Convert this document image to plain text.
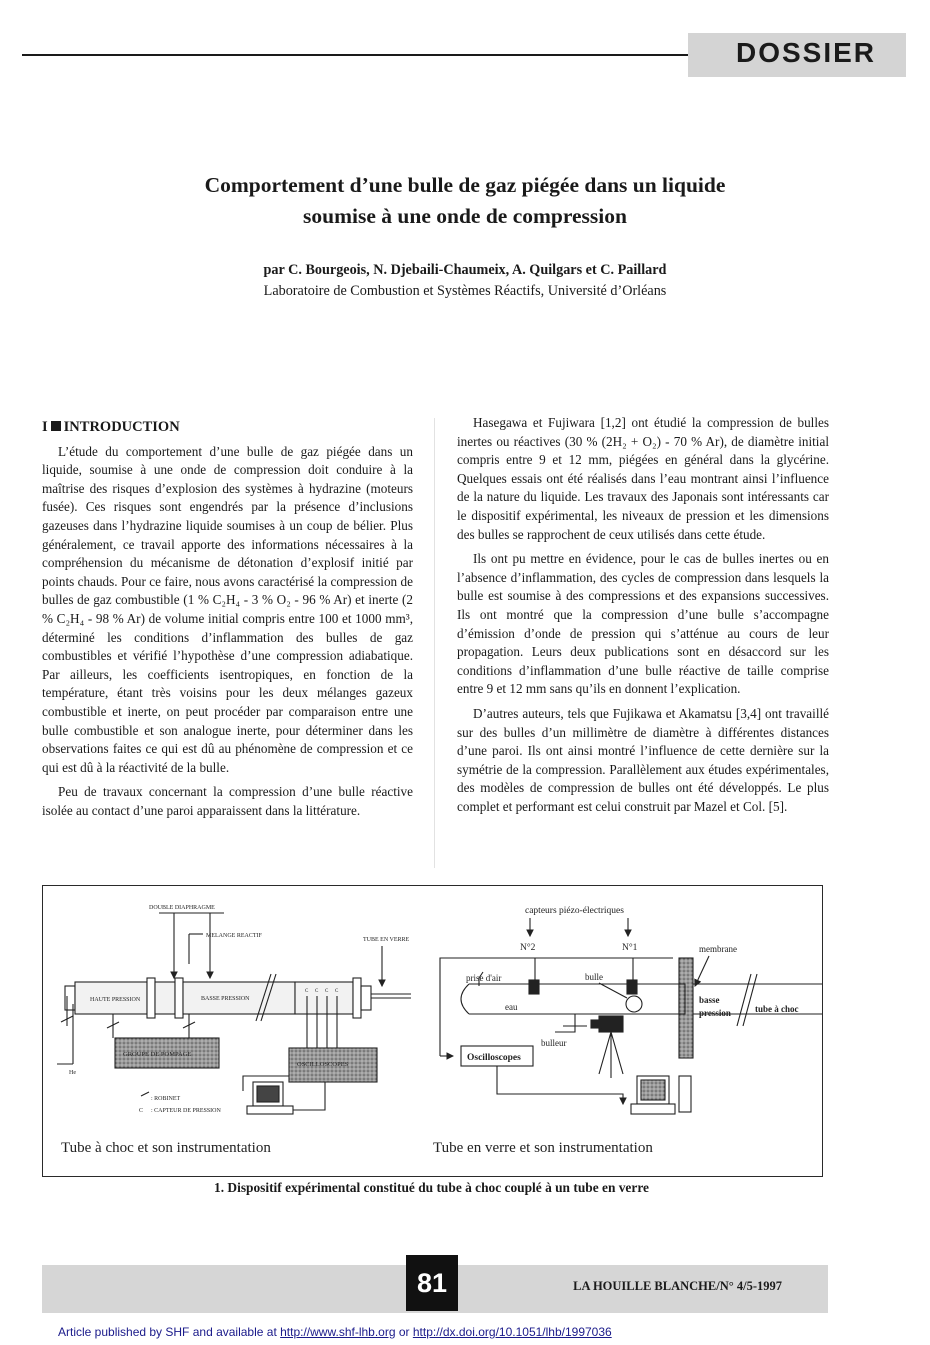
DOSSIER
Comportement d’une bulle de gaz piégée dans un liquide
soumise à une onde de compression
par C. Bourgeois, N. Djebaili-Chaumeix, A. Quilgars et C. Paillard
Laboratoire de Combustion et Systèmes Réactifs, Université d’Orléans

I INTRODUCTION

L’étude du comportement d’une bulle de gaz piégée dans un liquide, soumise à une onde de compression doit conduire à la maîtrise des risques d’explosion des systèmes à hydrazine (moteurs fusée). Ces risques sont engendrés par la présence d’inclusions gazeuses dans l’hydrazine liquide soumises à un coup de bélier. Plus généralement, ce travail apporte des informations nécessaires à la compréhension du mécanisme de détonation d’explosif initié par points chauds. Pour ce faire, nous avons caractérisé la compression de bulles de gaz combustible (1 % C₂H₄ - 3 % O₂ - 96 % Ar) et inerte (2 % C₂H₄ - 98 % Ar) de volume initial compris entre 100 et 1000 mm³, déterminé les conditions d’inflammation des bulles de gaz combustibles et vérifié l’hypothèse d’une compression adiabatique. Par ailleurs, les coefficients isentropiques, en fonction de la température, étant très voisins pour les deux mélanges gazeux combustible et inerte, on peut procéder par comparaison entre une bulle combustible et son analogue inerte, pour déterminer dans les observations faites ce qui est dû au phénomène de compression et ce qui est dû à la réactivité de la bulle.

Peu de travaux concernant la compression d’une bulle réactive isolée au contact d’une paroi apparaissent dans la littérature.

Hasegawa et Fujiwara [1,2] ont étudié la compression de bulles inertes ou réactives (30 % (2H₂ + O₂) - 70 % Ar), de diamètre initial compris entre 9 et 12 mm, piégées en général dans la glycérine. Quelques essais ont été réalisés dans l’eau montrant ainsi l’influence de la nature du liquide. Les travaux des Japonais sont intéressants car le dispositif expérimental, les niveaux de pression et les dimensions des bulles se rapprochent de ceux utilisés dans cette étude.

Ils ont pu mettre en évidence, pour le cas de bulles inertes ou en l’absence d’inflammation, des cycles de compression dans lesquels la bulle est soumise à des compressions et des expansions successives. Ils ont montré que la compression d’une bulle s’accompagne d’émission d’onde de pression qui s’atténue au cours de leur propagation. Leurs deux publications sont en désaccord sur les conditions d’inflammation d’une bulle réactive de taille comprise entre 9 et 12 mm sans qu’ils en donnent l’explication.

D’autres auteurs, tels que Fujikawa et Akamatsu [3,4] ont travaillé sur des bulles d’un millimètre de diamètre à différentes distances d’une paroi. Ils ont ainsi montré l’influence de cette dernière sur la symétrie de la compression. Parallèlement aux études expérimentales, des modèles de compression de bulles ont été développés. Le plus complet et performant est celui construit par Mazel et Col. [5].

DOUBLE DIAPHRAGME
MELANGE REACTIF
TUBE EN VERRE
HAUTE PRESSION	BASSE PRESSION
C C C C
GROUPE DE POMPAGE
He
OSCILLOSCOPES
: ROBINET
C : CAPTEUR DE PRESSION
Tube à choc et son instrumentation
capteurs piézo-électriques
N°2	N°1	membrane
prise d'air
eau
bulle
basse
pression	tube à choc
bulleur
Oscilloscopes
Tube en verre et son instrumentation
1. Dispositif expérimental constitué du tube à choc couplé à un tube en verre
81	LA HOUILLE BLANCHE/N° 4/5-1997
Article published by SHF and available at http://www.shf-lhb.org or http://dx.doi.org/10.1051/lhb/1997036
